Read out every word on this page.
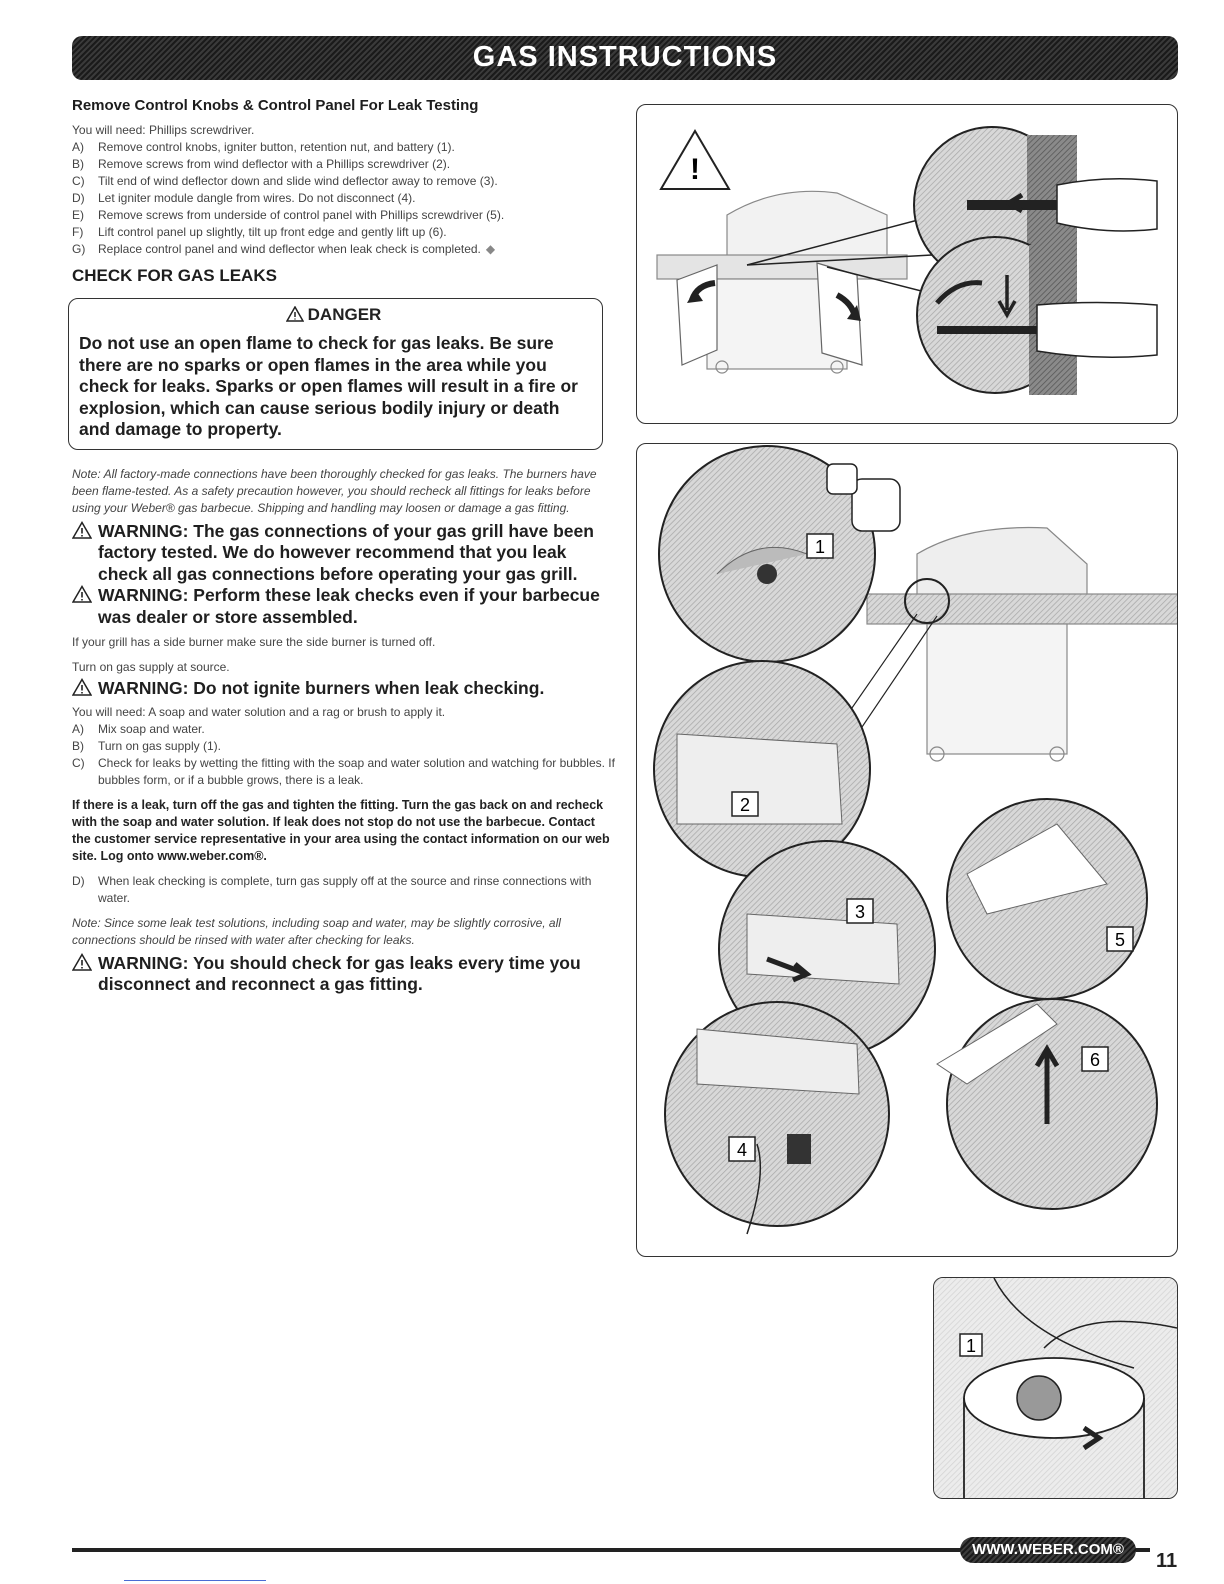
GAS INSTRUCTIONS
Remove Control Knobs & Control Panel For Leak Testing

You will need: Phillips screwdriver.

A)	Remove control knobs, igniter button, retention nut, and battery (1).
B)	Remove screws from wind deflector with a Phillips screwdriver (2).
C)	Tilt end of wind deflector down and slide wind deflector away to remove (3).
D)	Let igniter module dangle from wires. Do not disconnect (4).
E)	Remove screws from underside of control panel with Phillips screwdriver (5).
F)	Lift control panel up slightly, tilt up front edge and gently lift up (6).
G)	Replace control panel and wind deflector when leak check is completed. ◆
CHECK FOR GAS LEAKS
DANGER

Do not use an open flame to check for gas leaks. Be sure there are no sparks or open flames in the area while you check for leaks. Sparks or open flames will result in a fire or explosion, which can cause serious bodily injury or death and damage to property.

Note: All factory-made connections have been thoroughly checked for gas leaks. The burners have been flame-tested. As a safety precaution however, you should recheck all fittings for leaks before using your Weber® gas barbecue. Shipping and handling may loosen or damage a gas fitting.

WARNING: The gas connections of your gas grill have been factory tested. We do however recommend that you leak check all gas connections before operating your gas grill.

WARNING: Perform these leak checks even if your barbecue was dealer or store assembled.

If your grill has a side burner make sure the side burner is turned off.

Turn on gas supply at source.

WARNING: Do not ignite burners when leak checking.

You will need: A soap and water solution and a rag or brush to apply it.

A)	Mix soap and water.
B)	Turn on gas supply (1).
C)	Check for leaks by wetting the fitting with the soap and water solution and watching for bubbles. If bubbles form, or if a bubble grows, there is a leak.

If there is a leak, turn off the gas and tighten the fitting. Turn the gas back on and recheck with the soap and water solution. If leak does not stop do not use the barbecue. Contact the customer service representative in your area using the contact information on our web site. Log onto www.weber.com®.

D)	When leak checking is complete, turn gas supply off at the source and rinse connections with water.

Note: Since some leak test solutions, including soap and water, may be slightly corrosive, all connections should be rinsed with water after checking for leaks.

WARNING: You should check for gas leaks every time you disconnect and reconnect a gas fitting.

!
1
2
3
5
6
4
1
WWW.WEBER.COM®
11
